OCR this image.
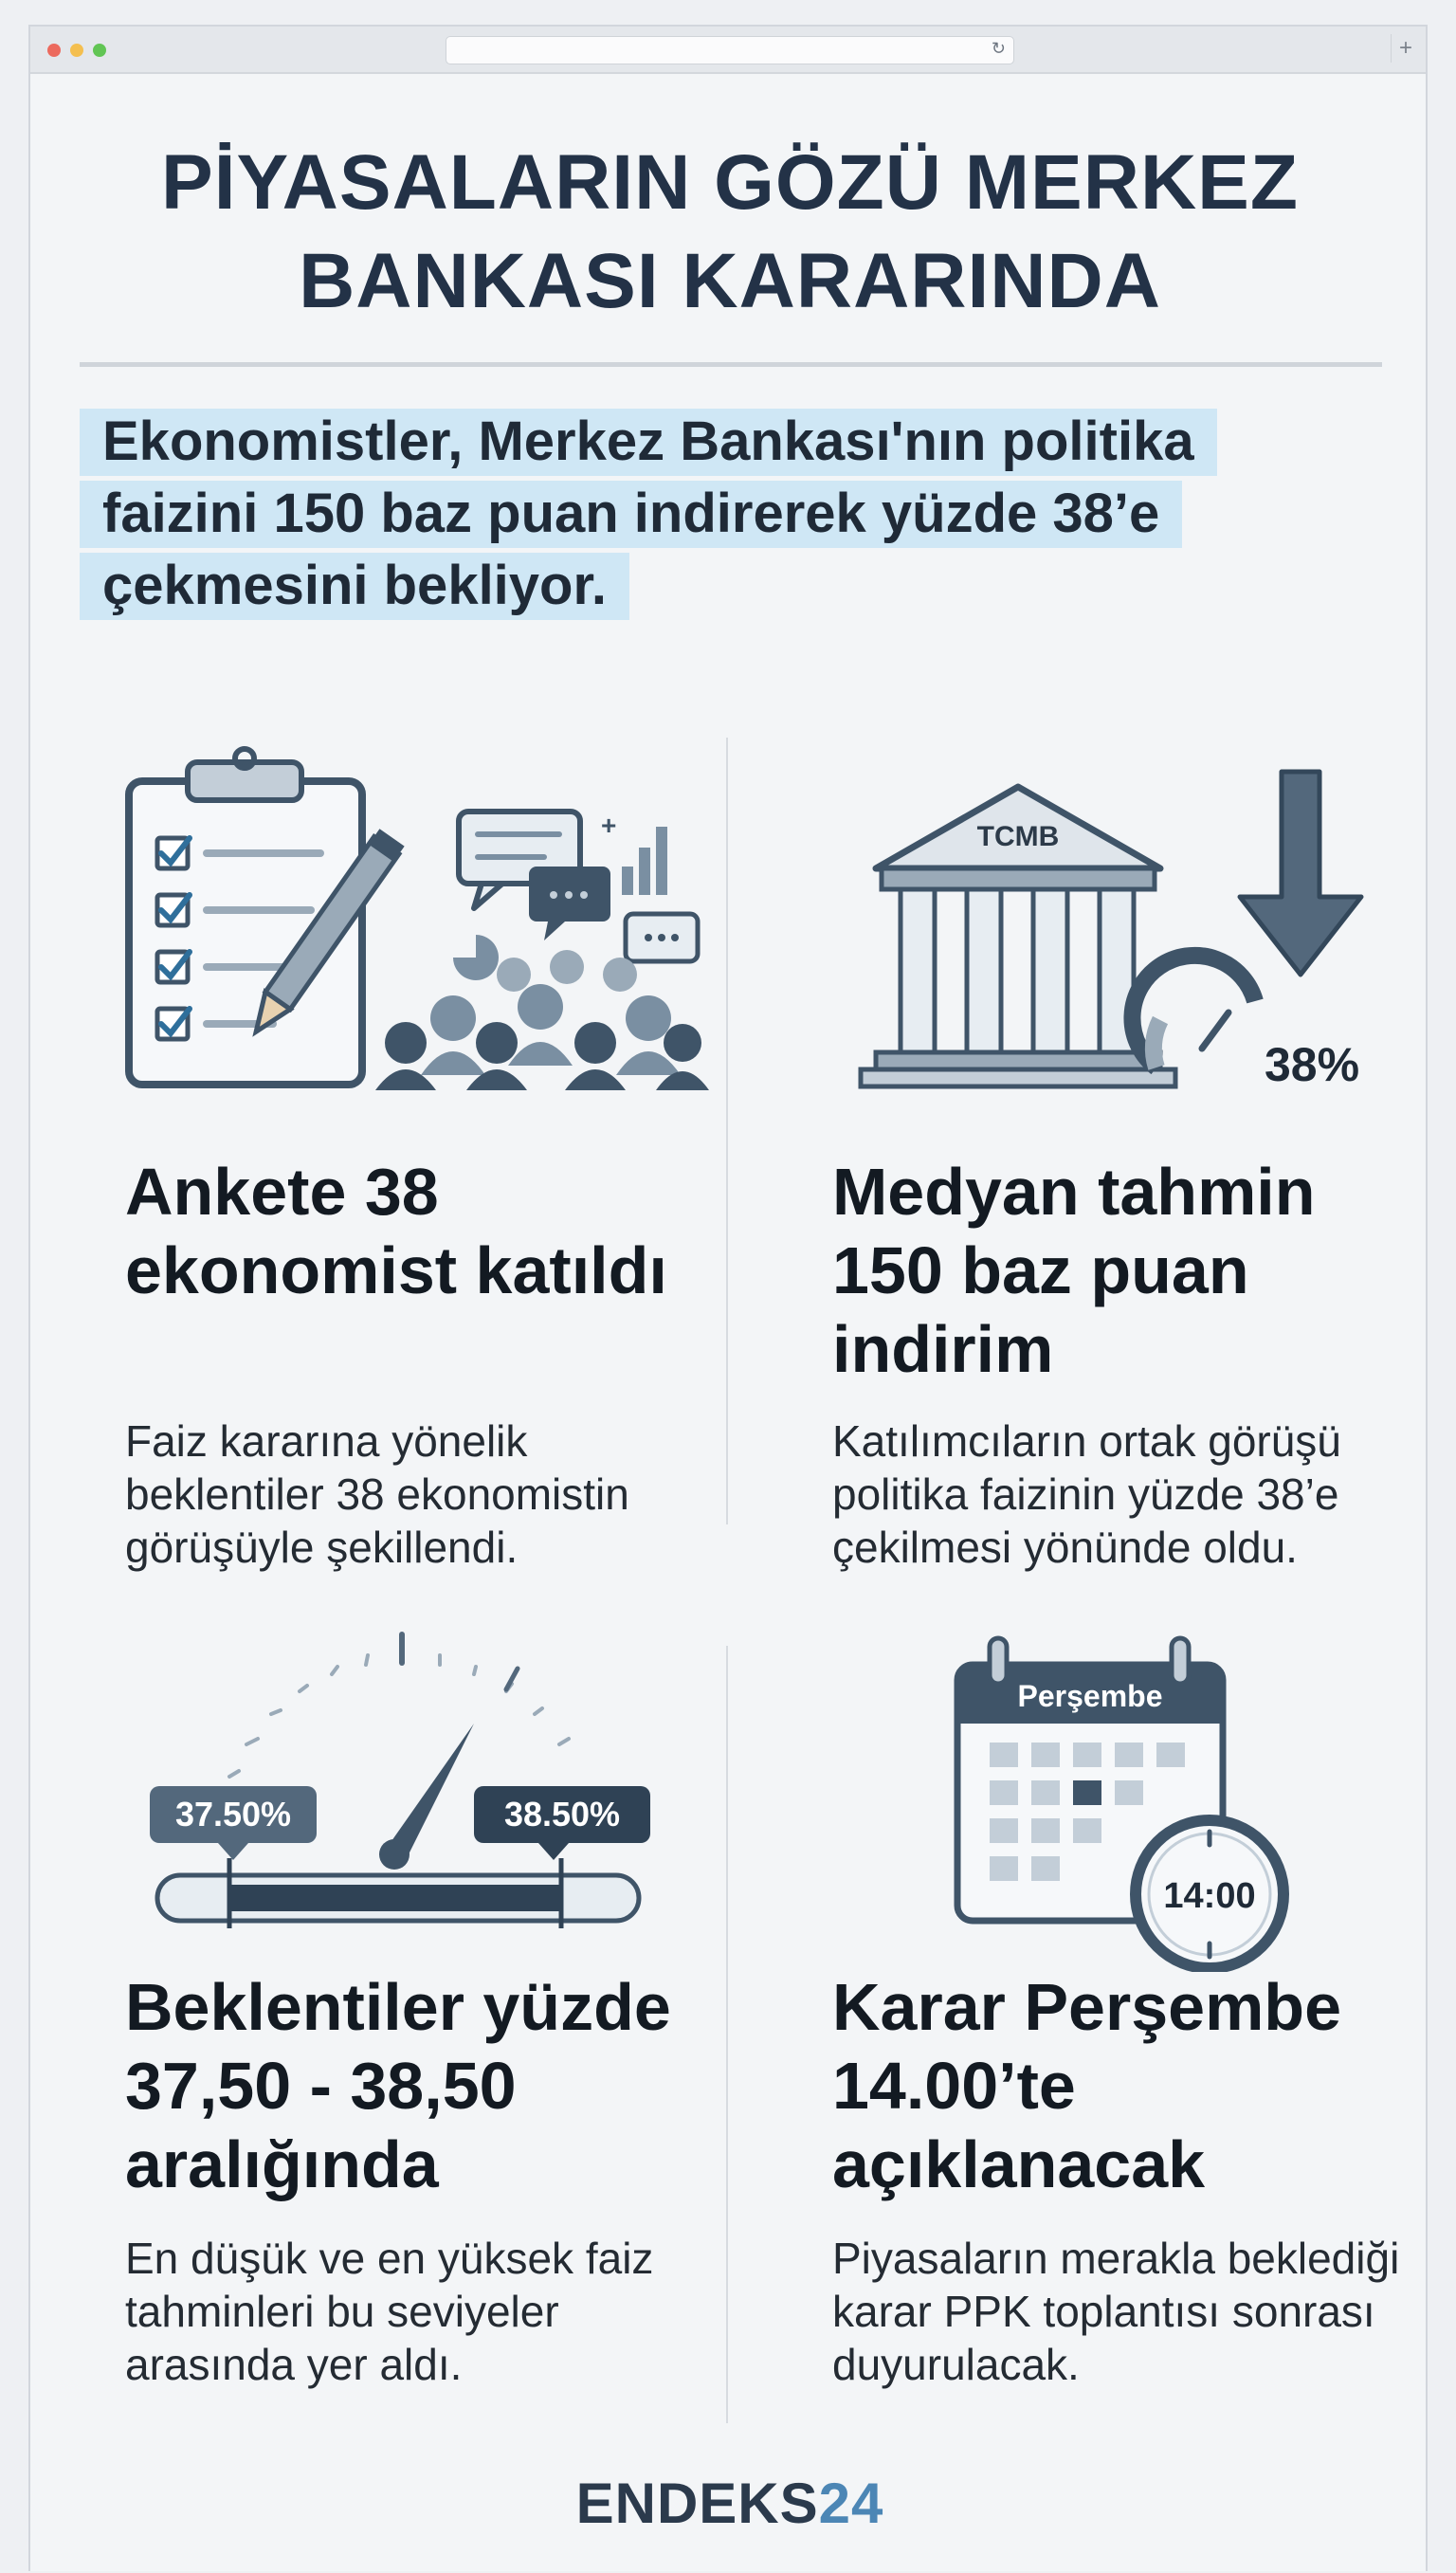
↻	+
PİYASALARIN GÖZÜ MERKEZ
BANKASI KARARINDA
Ekonomistler, Merkez Bankası'nın politika faizini 150 baz puan indirerek yüzde 38’e çekmesini bekliyor.
+	TCMB
38%
Ankete 38 ekonomist katıldı
Faiz kararına yönelik beklentiler 38 ekonomistin görüşüyle şekillendi.
Medyan tahmin 150 baz puan indirim
Katılımcıların ortak görüşü politika faizinin yüzde 38’e çekilmesi yönünde oldu.
37.50%	38.50%
Perşembe
14:00
Beklentiler yüzde 37,50 - 38,50 aralığında
En düşük ve en yüksek faiz tahminleri bu seviyeler arasında yer aldı.
Karar Perşembe 14.00’te açıklanacak
Piyasaların merakla beklediği karar PPK toplantısı sonrası duyurulacak.
ENDEKS24
